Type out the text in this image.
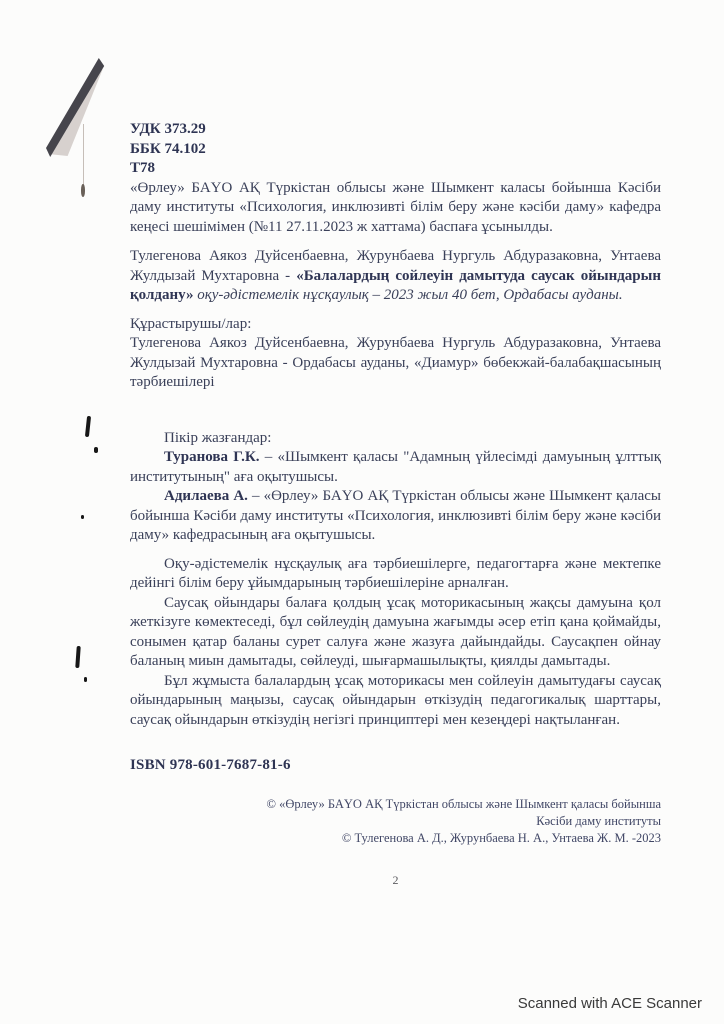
УДК 373.29

ББК 74.102

Т78

«Өрлеу» БАҮО АҚ Түркістан облысы және Шымкент каласы бойынша Кәсіби даму институты «Психология, инклюзивті білім беру және кәсіби даму» кафедра кеңесі шешімімен (№11 27.11.2023 ж хаттама) баспаға ұсынылды.

Тулегенова Аякоз Дуйсенбаевна, Журунбаева Нургуль Абдуразаковна, Унтаева Жулдызай Мухтаровна - «Балалардың сойлеуін дамытуда саусак ойындарын қолдану» оқу-әдістемелік нұсқаулық – 2023 жыл 40 бет, Ордабасы ауданы.

Құрастырушы/лар:

Тулегенова Аякоз Дуйсенбаевна, Журунбаева Нургуль Абдуразаковна, Унтаева Жулдызай Мухтаровна - Ордабасы ауданы, «Диамур» бөбекжай-балабақшасының тәрбиешілері

Пікір жазғандар:

Туранова Г.К. – «Шымкент қаласы "Адамның үйлесімді дамуының ұлттық институтының" аға оқытушысы.

Адилаева А. – «Өрлеу» БАҮО АҚ Түркістан облысы және Шымкент қаласы бойынша Кәсіби даму институты «Психология, инклюзивті білім беру және кәсіби даму» кафедрасының аға оқытушысы.

Оқу-әдістемелік нұсқаулық аға тәрбиешілерге, педагогтарға және мектепке дейінгі білім беру ұйымдарының тәрбиешілеріне арналған.

Саусақ ойындары балаға қолдың ұсақ моторикасының жақсы дамуына қол жеткізуге көмектеседі, бұл сөйлеудің дамуына жағымды әсер етіп қана қоймайды, сонымен қатар баланы сурет салуға және жазуға дайындайды. Саусақпен ойнау баланың миын дамытады, сөйлеуді, шығармашылықты, қиялды дамытады.

Бұл жұмыста балалардың ұсақ моторикасы мен сойлеуін дамытудағы саусақ ойындарының маңызы, саусақ ойындарын өткізудің педагогикалық шарттары, саусақ ойындарын өткізудің негізгі принциптері мен кезеңдері нақтыланған.

ISBN 978-601-7687-81-6

© «Өрлеу» БАҮО АҚ Түркістан облысы және Шымкент қаласы бойынша

Кәсіби даму институты

© Тулегенова А. Д., Журунбаева Н. А., Унтаева Ж. М. -2023

2

Scanned with ACE Scanner
